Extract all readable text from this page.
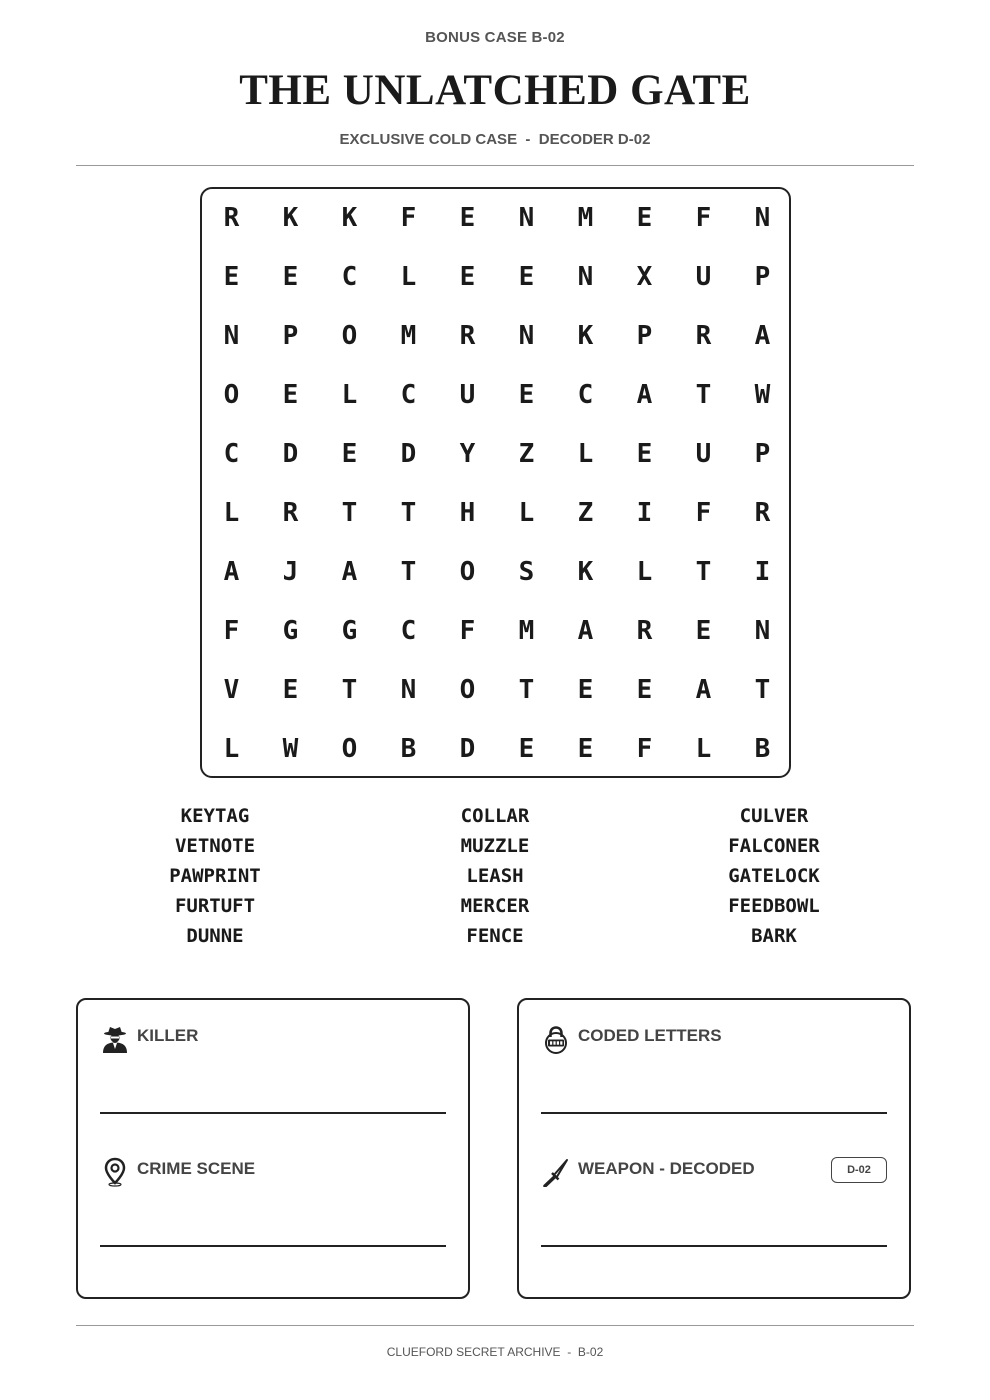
BONUS CASE B-02
THE UNLATCHED GATE
EXCLUSIVE COLD CASE  -  DECODER D-02
R	K	K	F	E	N	M	E	F	N
E	E	C	L	E	E	N	X	U	P
N	P	O	M	R	N	K	P	R	A
O	E	L	C	U	E	C	A	T	W
C	D	E	D	Y	Z	L	E	U	P
L	R	T	T	H	L	Z	I	F	R
A	J	A	T	O	S	K	L	T	I
F	G	G	C	F	M	A	R	E	N
V	E	T	N	O	T	E	E	A	T
L	W	O	B	D	E	E	F	L	B
KEYTAG
VETNOTE
PAWPRINT
FURTUFT
DUNNE
COLLAR
MUZZLE
LEASH
MERCER
FENCE
CULVER
FALCONER
GATELOCK
FEEDBOWL
BARK
KILLER
CRIME SCENE
CODED LETTERS
WEAPON - DECODED	D-02
CLUEFORD SECRET ARCHIVE  -  B-02
